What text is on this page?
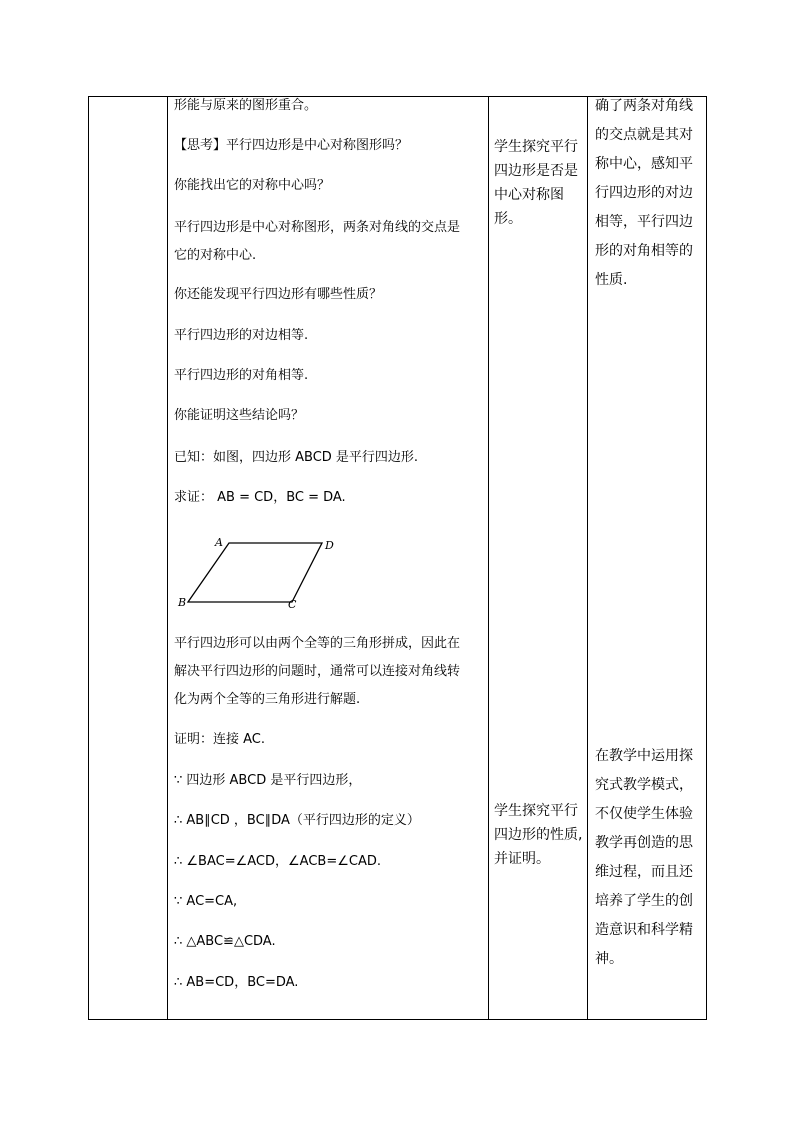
形能与原来的图形重合。
【思考】平行四边形是中心对称图形吗？
你能找出它的对称中心吗？
平行四边形是中心对称图形，两条对角线的交点是
它的对称中心.
你还能发现平行四边形有哪些性质？
平行四边形的对边相等.
平行四边形的对角相等.
你能证明这些结论吗？
已知：如图，四边形 ABCD 是平行四边形.
求证： AB = CD，BC = DA.
平行四边形可以由两个全等的三角形拼成，因此在
解决平行四边形的问题时，通常可以连接对角线转
化为两个全等的三角形进行解题.
证明：连接 AC.
∵ 四边形 ABCD 是平行四边形，
∴ AB∥CD ，BC∥DA（平行四边形的定义）
∴ ∠BAC=∠ACD，∠ACB=∠CAD.
∵ AC=CA,
∴ △ABC≌△CDA.
∴ AB=CD，BC=DA.
A	D
B	C
学生探究平行
四边形是否是
中心对称图形。
学生探究平行
四边形的性质,
并证明。
确了两条对角线
的交点就是其对
称中心，感知平
行四边形的对边
相等，平行四边
形的对角相等的
性质.
在教学中运用探
究式教学模式，
不仅使学生体验
教学再创造的思
维过程，而且还
培养了学生的创
造意识和科学精
神。
